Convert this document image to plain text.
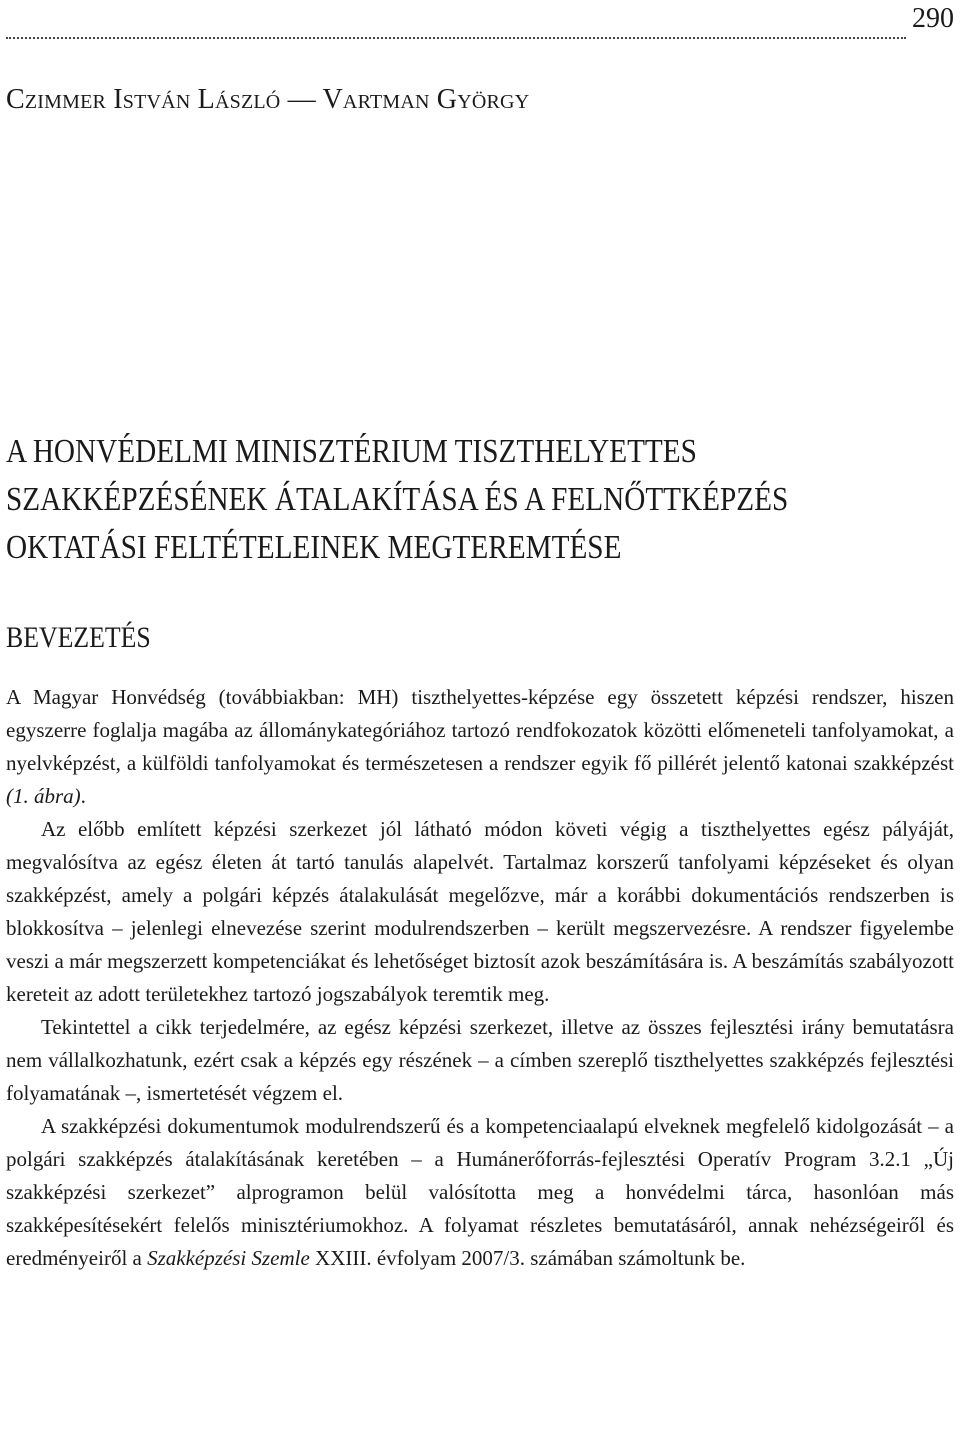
290
Czimmer István László — Vartman György
A HONVÉDELMI MINISZTÉRIUM TISZTHELYETTES
SZAKKÉPZÉSÉNEK ÁTALAKÍTÁSA ÉS A FELNŐTTKÉPZÉS
OKTATÁSI FELTÉTELEINEK MEGTEREMTÉSE
BEVEZETÉS

A Magyar Honvédség (továbbiakban: MH) tiszthelyettes-képzése egy összetett képzési rendszer, hiszen egyszerre foglalja magába az állománykategóriához tartozó rendfokozatok közötti előmeneteli tanfolyamokat, a nyelvképzést, a külföldi tanfolyamokat és természetesen a rendszer egyik fő pillérét jelentő katonai szakképzést (1. ábra).

Az előbb említett képzési szerkezet jól látható módon követi végig a tiszthelyettes egész pályáját, megvalósítva az egész életen át tartó tanulás alapelvét. Tartalmaz korszerű tanfolyami képzéseket és olyan szakképzést, amely a polgári képzés átalakulását megelőzve, már a korábbi dokumentációs rendszerben is blokkosítva – jelenlegi elnevezése szerint modulrendszerben – került megszervezésre. A rendszer figyelembe veszi a már megszerzett kompetenciákat és lehetőséget biztosít azok beszámítására is. A beszámítás szabályozott kereteit az adott területekhez tartozó jogszabályok teremtik meg.

Tekintettel a cikk terjedelmére, az egész képzési szerkezet, illetve az összes fejlesztési irány bemutatásra nem vállalkozhatunk, ezért csak a képzés egy részének – a címben szereplő tiszthelyettes szakképzés fejlesztési folyamatának –, ismertetését végzem el.

A szakképzési dokumentumok modulrendszerű és a kompetenciaalapú elveknek megfelelő kidolgozását – a polgári szakképzés átalakításának keretében – a Humánerőforrás-fejlesztési Operatív Program 3.2.1 „Új szakképzési szerkezet” alprogramon belül valósította meg a honvédelmi tárca, hasonlóan más szakképesítésekért felelős minisztériumokhoz. A folyamat részletes bemutatásáról, annak nehézségeiről és eredményeiről a Szakképzési Szemle XXIII. évfolyam 2007/3. számában számoltunk be.
